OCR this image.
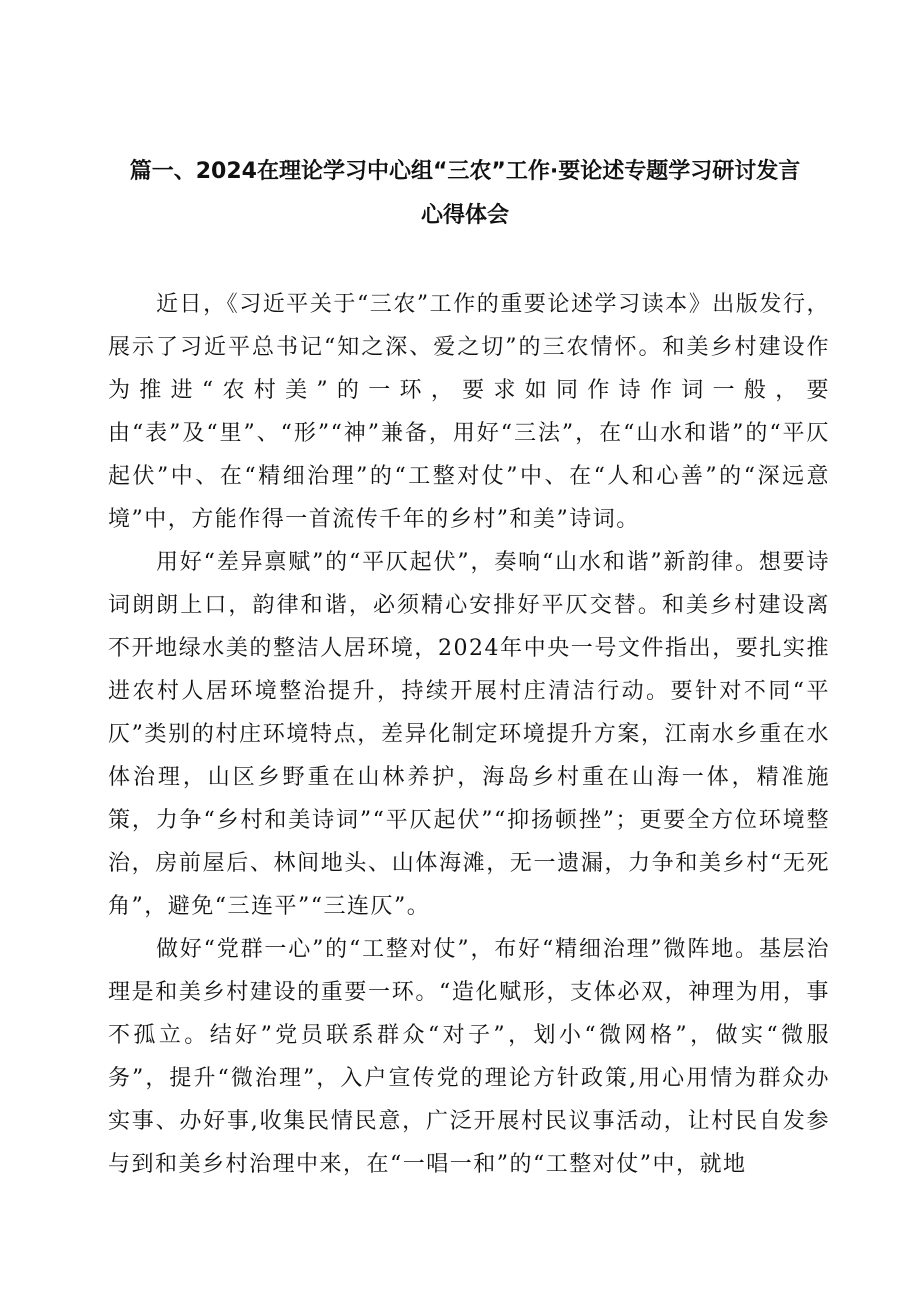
篇一、2024在理论学习中心组“三农”工作·要论述专题学习研讨发言
心得体会

近日，《习近平关于“三农”工作的重要论述学习读本》出版发行，展示了习近平总书记“知之深、爱之切”的三农情怀。和美乡村建设作为推进“农村美”的一环，要求如同作诗作词一般，要由“表”及“里”、“形”“神”兼备，用好“三法”，在“山水和谐”的“平仄起伏”中、在“精细治理”的“工整对仗”中、在“人和心善”的“深远意境”中，方能作得一首流传千年的乡村”和美”诗词。

用好“差异禀赋”的“平仄起伏”，奏响“山水和谐”新韵律。想要诗词朗朗上口，韵律和谐，必须精心安排好平仄交替。和美乡村建设离不开地绿水美的整洁人居环境，2024年中央一号文件指出，要扎实推进农村人居环境整治提升，持续开展村庄清洁行动。要针对不同“平仄”类别的村庄环境特点，差异化制定环境提升方案，江南水乡重在水体治理，山区乡野重在山林养护，海岛乡村重在山海一体，精准施策，力争“乡村和美诗词”“平仄起伏”“抑扬顿挫”；更要全方位环境整治，房前屋后、林间地头、山体海滩，无一遗漏，力争和美乡村“无死角”，避免“三连平”“三连仄”。

做好“党群一心”的“工整对仗”，布好“精细治理”微阵地。基层治理是和美乡村建设的重要一环。“造化赋形，支体必双，神理为用，事不孤立。结好”党员联系群众“对子”，划小“微网格”，做实“微服务”，提升“微治理”，入户宣传党的理论方针政策,用心用情为群众办实事、办好事,收集民情民意，广泛开展村民议事活动，让村民自发参与到和美乡村治理中来，在“一唱一和”的“工整对仗”中，就地
